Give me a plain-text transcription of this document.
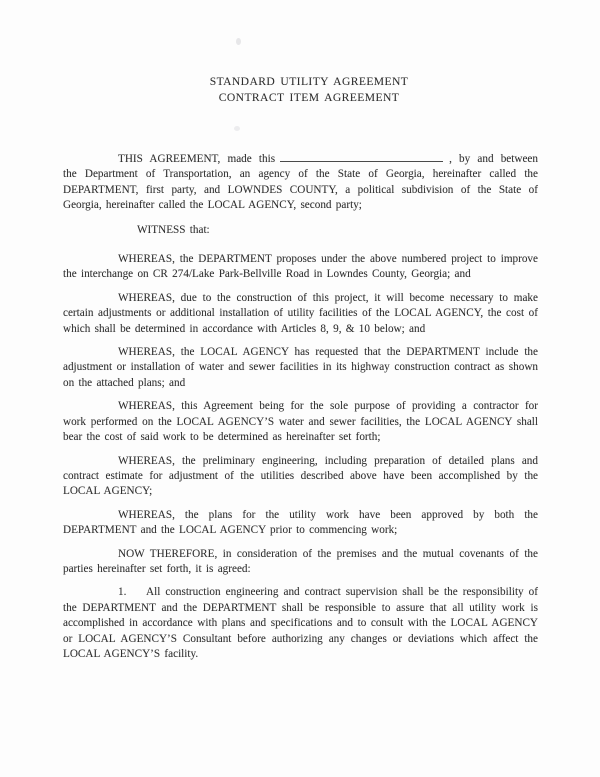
STANDARD UTILITY AGREEMENT
CONTRACT ITEM AGREEMENT

THIS AGREEMENT, made this	, by and between the Department of Transportation, an agency of the State of Georgia, hereinafter called the DEPARTMENT, first party, and LOWNDES COUNTY, a political subdivision of the State of Georgia, hereinafter called the LOCAL AGENCY, second party;

WITNESS that:

WHEREAS, the DEPARTMENT proposes under the above numbered project to improve the interchange on CR 274/Lake Park-Bellville Road in Lowndes County, Georgia; and

WHEREAS, due to the construction of this project, it will become necessary to make certain adjustments or additional installation of utility facilities of the LOCAL AGENCY, the cost of which shall be determined in accordance with Articles 8, 9, & 10 below; and

WHEREAS, the LOCAL AGENCY has requested that the DEPARTMENT include the adjustment or installation of water and sewer facilities in its highway construction contract as shown on the attached plans; and

WHEREAS, this Agreement being for the sole purpose of providing a contractor for work performed on the LOCAL AGENCY’S water and sewer facilities, the LOCAL AGENCY shall bear the cost of said work to be determined as hereinafter set forth;

WHEREAS, the preliminary engineering, including preparation of detailed plans and contract estimate for adjustment of the utilities described above have been accomplished by the LOCAL AGENCY;

WHEREAS, the plans for the utility work have been approved by both the DEPARTMENT and the LOCAL AGENCY prior to commencing work;

NOW THEREFORE, in consideration of the premises and the mutual covenants of the parties hereinafter set forth, it is agreed:

1. All construction engineering and contract supervision shall be the responsibility of the DEPARTMENT and the DEPARTMENT shall be responsible to assure that all utility work is accomplished in accordance with plans and specifications and to consult with the LOCAL AGENCY or LOCAL AGENCY’S Consultant before authorizing any changes or deviations which affect the LOCAL AGENCY’S facility.
